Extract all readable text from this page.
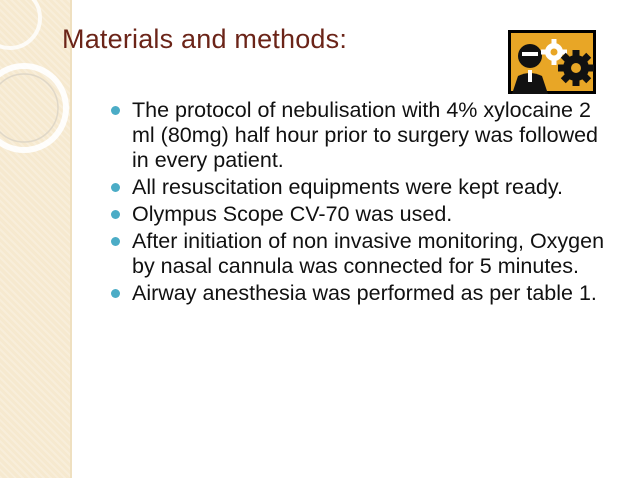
Materials and methods:
The protocol of nebulisation with 4% xylocaine 2 ml (80mg) half hour prior to surgery was followed in every patient.
All resuscitation equipments were kept ready.
Olympus Scope CV-70 was used.
After initiation of non invasive monitoring, Oxygen by nasal cannula was connected for 5 minutes.
Airway anesthesia was performed as per table 1.
